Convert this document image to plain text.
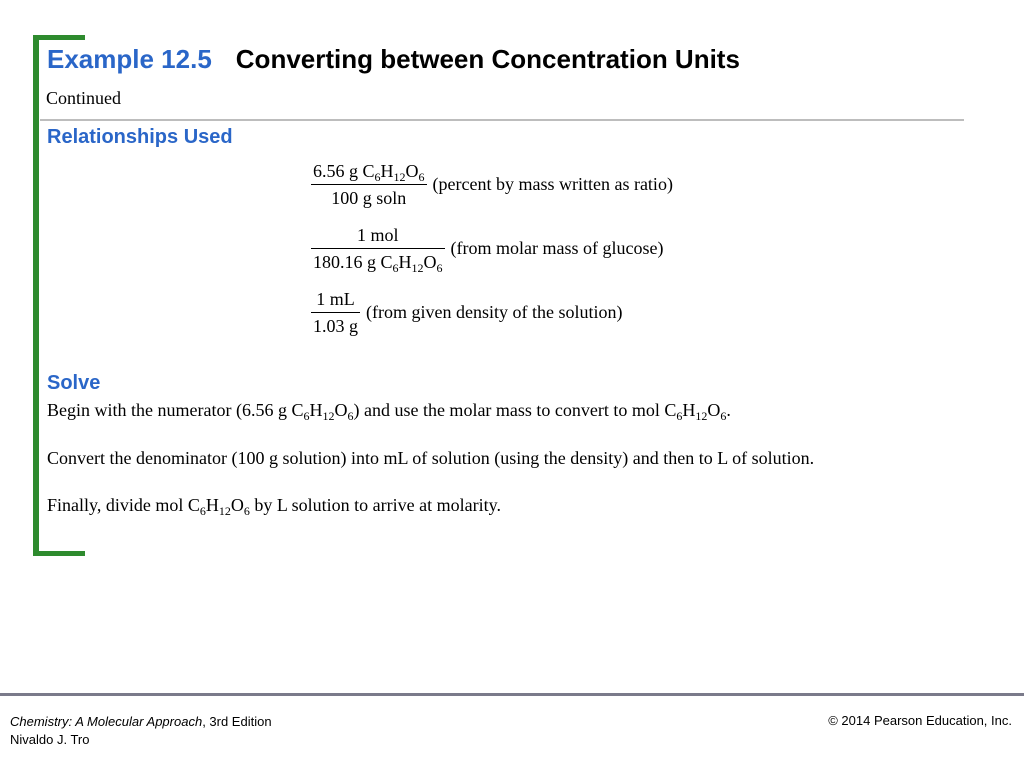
Example 12.5 Converting between Concentration Units
Continued
Relationships Used
$\frac{6.56 g C_6H_{12}O_6}{\text{100 g soln}}$ (percent by mass written as ratio)
$\frac{\text{1 mol}}{180.16 g C_6H_{12}O_6}$ (from molar mass of glucose)
$\frac{1 mL}{1.03 g}$ (from given density of the solution)
Solve
Begin with the numerator (6.56 g $C_6H_{12}O_6$) and use the molar mass to convert to mol $C_6H_{12}O_6$.
Convert the denominator (100 g solution) into mL of solution (using the density) and then to L of solution.
Finally, divide mol $C_6H_{12}O_6$ by L solution to arrive at molarity.
Chemistry: A Molecular Approach, 3rd Edition
Nivaldo J. Tro
© 2014 Pearson Education, Inc.
